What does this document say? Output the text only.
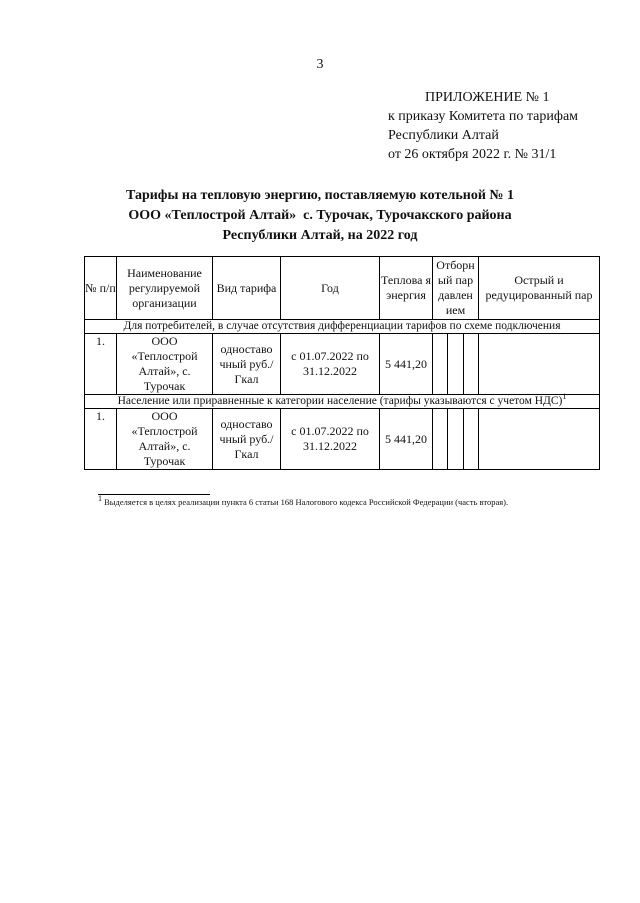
3
ПРИЛОЖЕНИЕ № 1
к приказу Комитета по тарифам
Республики Алтай
от 26 октября 2022 г. № 31/1
Тарифы на тепловую энергию, поставляемую котельной № 1
ООО «Теплострой Алтай»  с. Турочак, Турочакского района
Республики Алтай, на 2022 год
№ п/п	Наименование регулируемой организации	Вид тарифа	Год	Теплова я энергия	Отборн ый пар давлен ием	Острый и редуцированный пар
Для потребителей, в случае отсутствия дифференциации тарифов по схеме подключения						
1.	ООО «Теплострой Алтай», с. Турочак	одноставо чный руб./Гкал	с 01.07.2022 по 31.12.2022	5 441,20	

Население или приравненные к категории население (тарифы указываются с учетом НДС)$^1$
1.	ООО «Теплострой Алтай», с. Турочак	одноставо чный руб./Гкал	с 01.07.2022 по 31.12.2022	5 441,20	

$^1$ Выделяется в целях реализации пункта 6 статьи 168 Налогового кодекса Российской Федерации (часть вторая).
